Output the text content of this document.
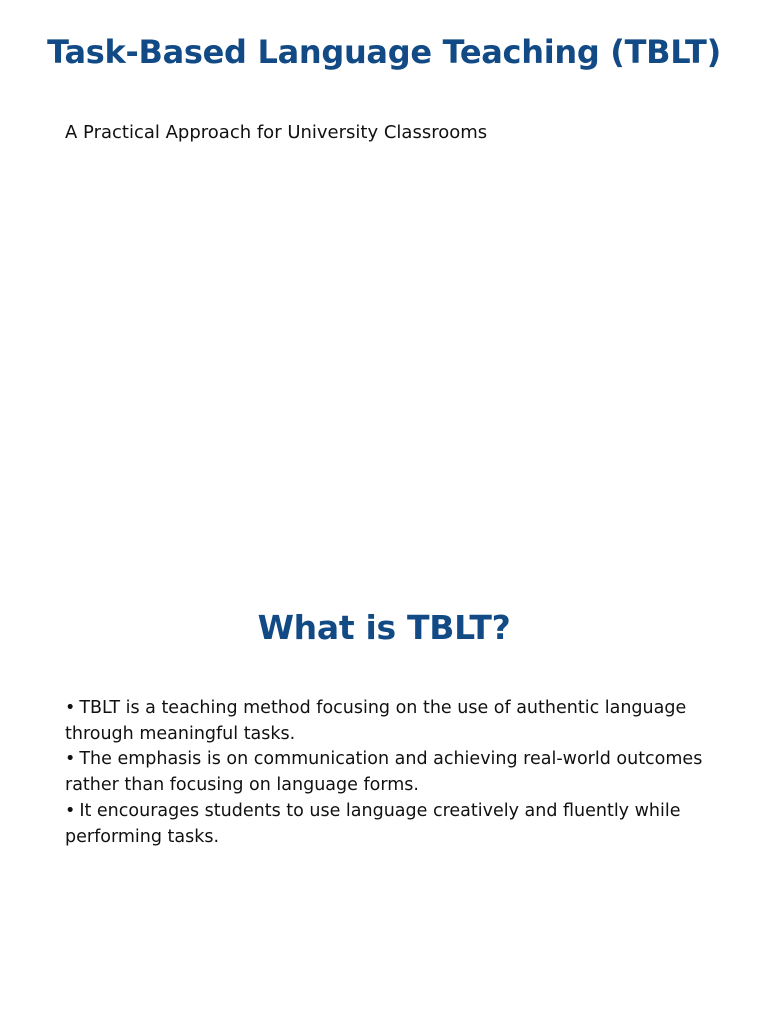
Task-Based Language Teaching (TBLT)

A Practical Approach for University Classrooms

What is TBLT?
• TBLT is a teaching method focusing on the use of authentic language through meaningful tasks.
• The emphasis is on communication and achieving real-world outcomes rather than focusing on language forms.
• It encourages students to use language creatively and fluently while performing tasks.
